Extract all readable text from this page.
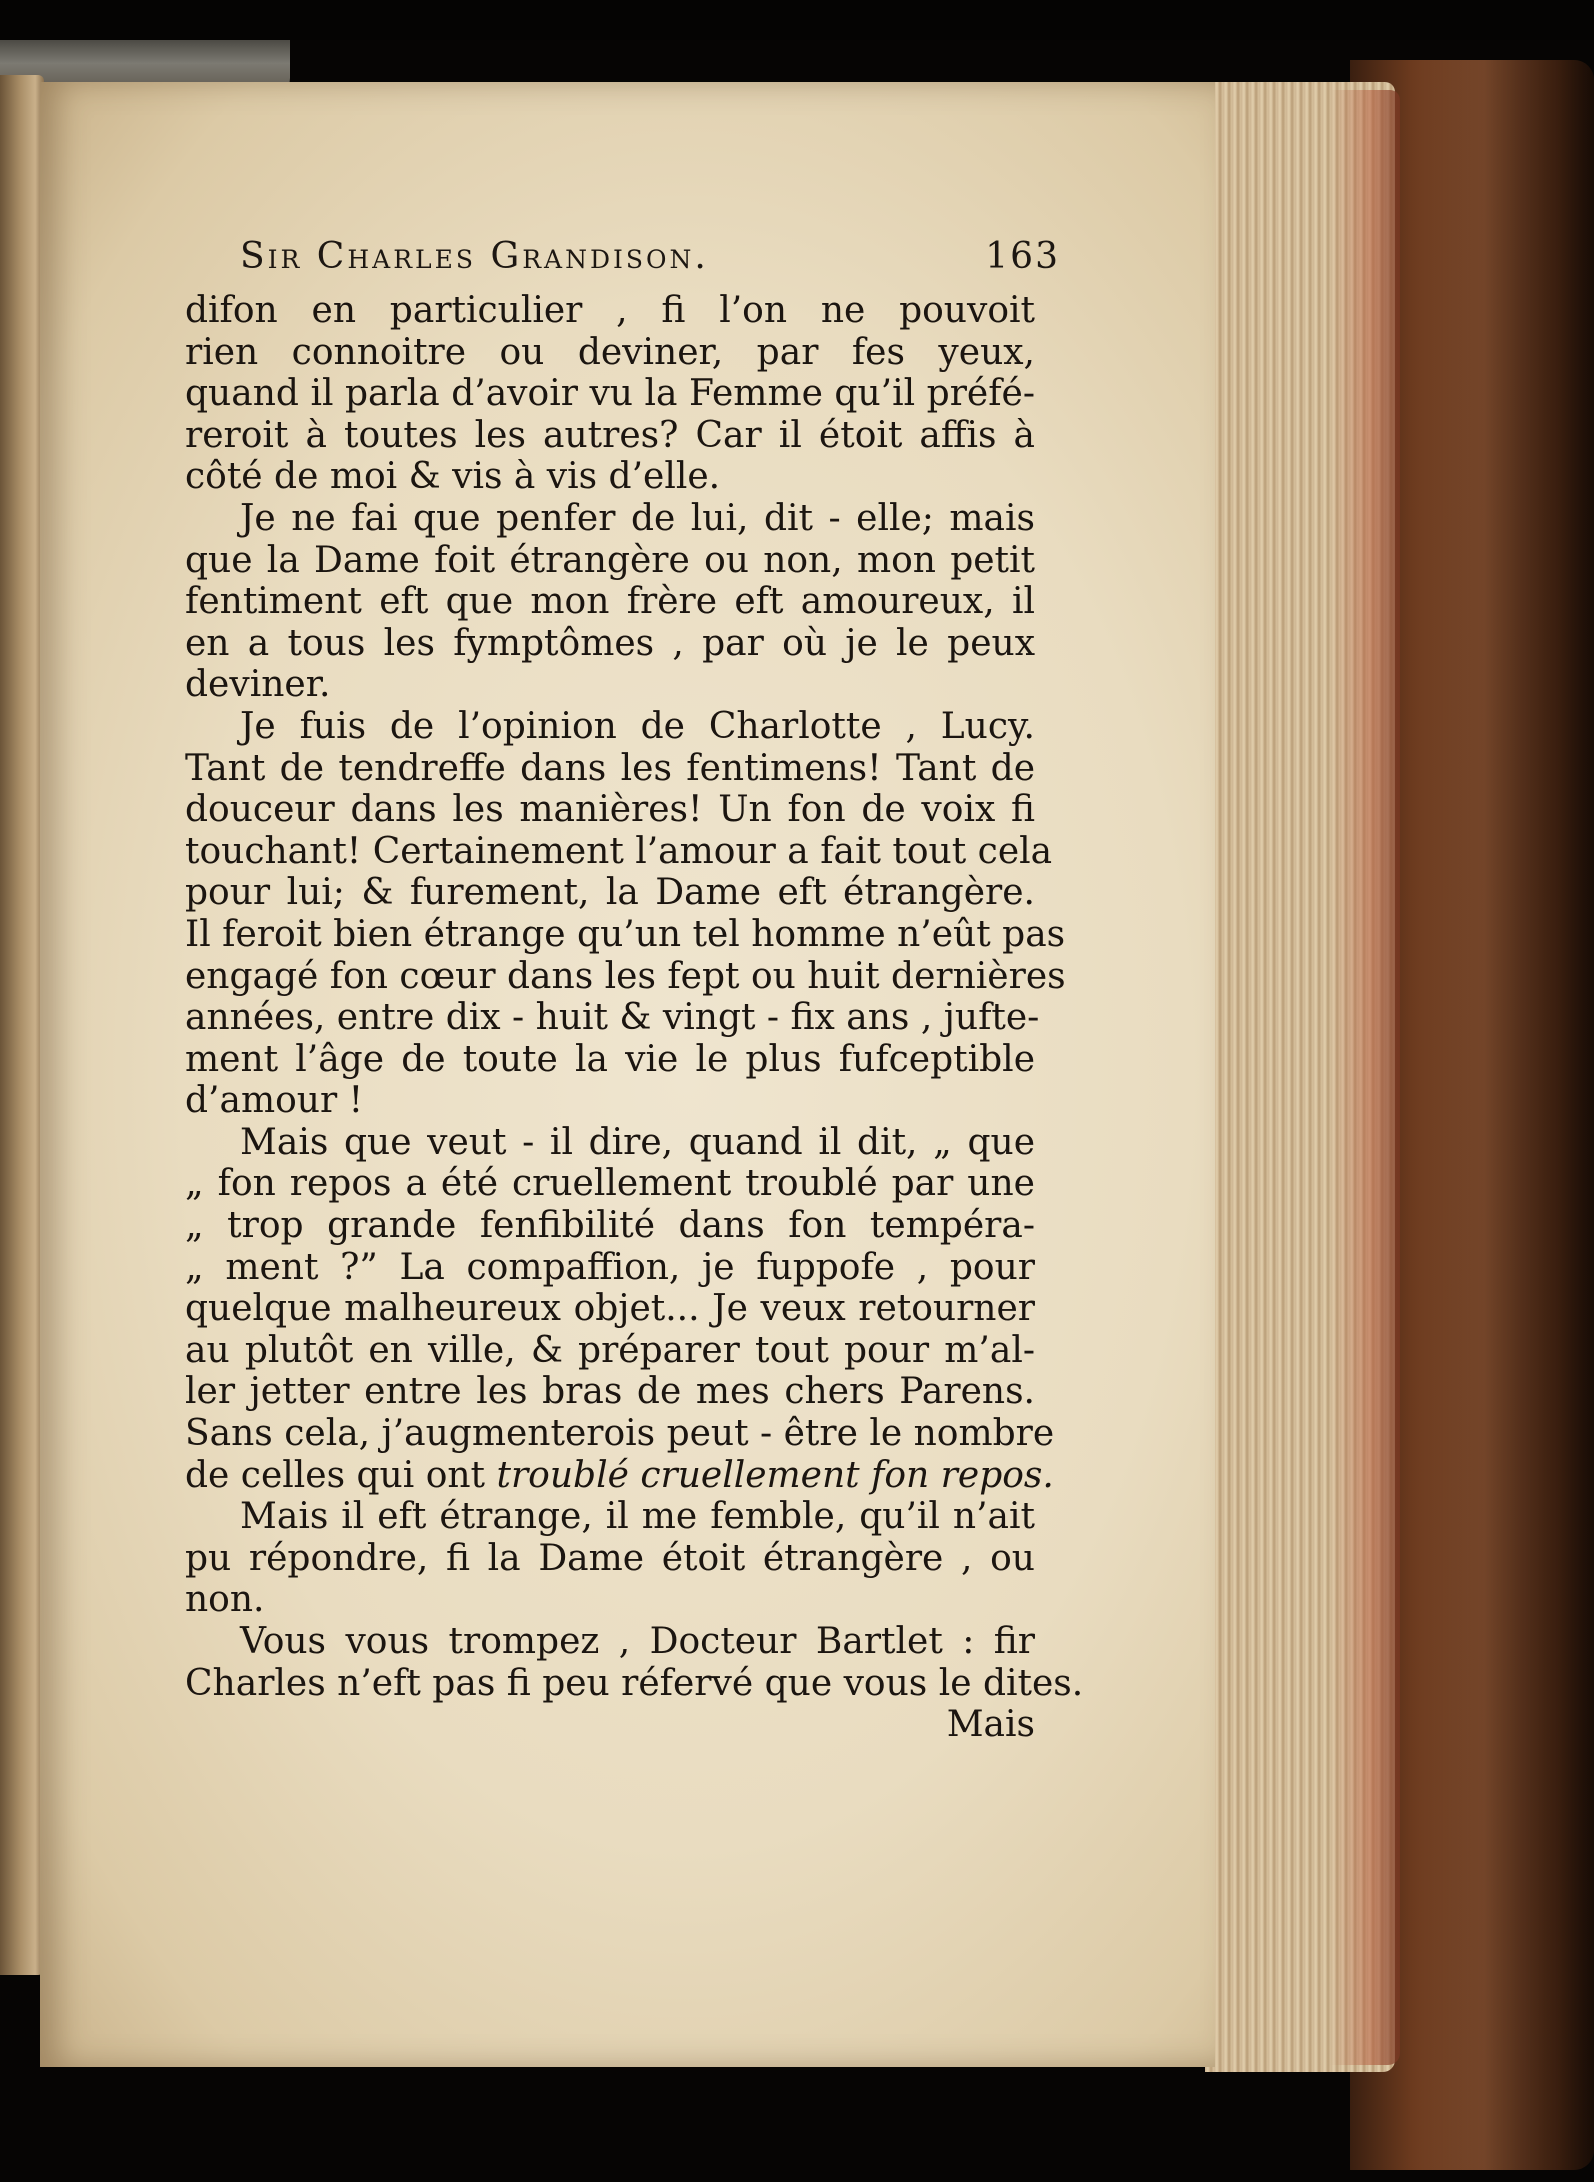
Sir Charles Grandison.	163
difon en particulier , fi l’on ne pouvoit
rien connoitre ou deviner, par fes yeux,
quand il parla d’avoir vu la Femme qu’il préfé-
reroit à toutes les autres? Car il étoit affis à
côté de moi & vis à vis d’elle.
Je ne fai que penfer de lui, dit - elle; mais
que la Dame foit étrangère ou non, mon petit
fentiment eft que mon frère eft amoureux, il
en a tous les fymptômes , par où je le peux
deviner.
Je fuis de l’opinion de Charlotte , Lucy.
Tant de tendreffe dans les fentimens! Tant de
douceur dans les manières! Un fon de voix fi
touchant! Certainement l’amour a fait tout cela
pour lui; & furement, la Dame eft étrangère.
Il feroit bien étrange qu’un tel homme n’eût pas
engagé fon cœur dans les fept ou huit dernières
années, entre dix - huit & vingt - fix ans , jufte-
ment l’âge de toute la vie le plus fufceptible
d’amour !
Mais que veut - il dire, quand il dit, „ que
„ fon repos a été cruellement troublé par une
„ trop grande fenfibilité dans fon tempéra-
„ ment ?” La compaffion, je fuppofe , pour
quelque malheureux objet... Je veux retourner
au plutôt en ville, & préparer tout pour m’al-
ler jetter entre les bras de mes chers Parens.
Sans cela, j’augmenterois peut - être le nombre
de celles qui ont troublé cruellement fon repos.
Mais il eft étrange, il me femble, qu’il n’ait
pu répondre, fi la Dame étoit étrangère , ou
non.
Vous vous trompez , Docteur Bartlet : fir
Charles n’eft pas fi peu réfervé que vous le dites.
Mais
